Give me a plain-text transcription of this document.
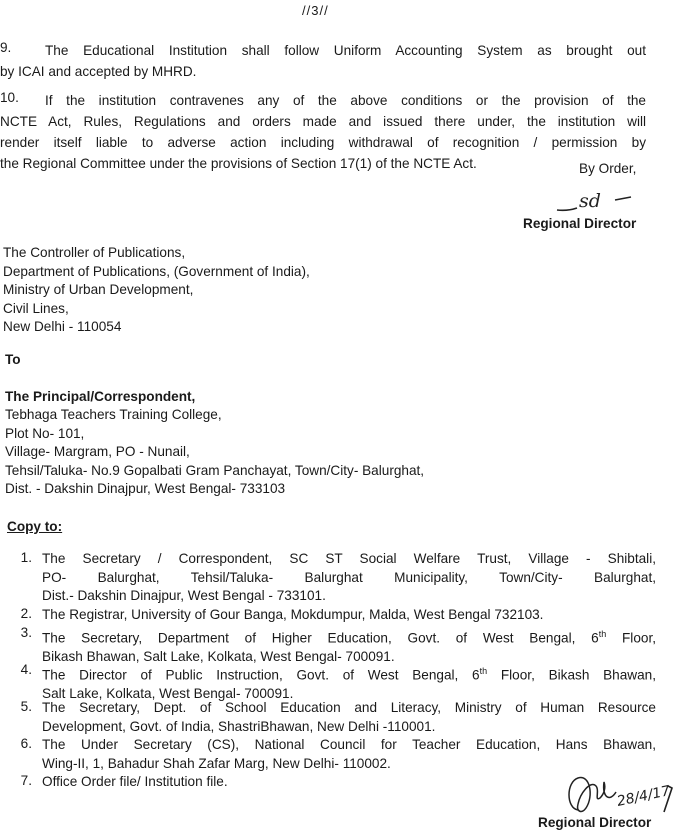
//3//
9.	The Educational Institution shall follow Uniform Accounting System as brought out
by ICAI and accepted by MHRD.
10.	If the institution contravenes any of the above conditions or the provision of the
NCTE Act, Rules, Regulations and orders made and issued there under, the institution will
render itself liable to adverse action including withdrawal of recognition / permission by
the Regional Committee under the provisions of Section 17(1) of the NCTE Act.	By Order,
sd
Regional Director
The Controller of Publications,
Department of Publications, (Government of India),
Ministry of Urban Development,
Civil Lines,
New Delhi - 110054
To
The Principal/Correspondent,
Tebhaga Teachers Training College,
Plot No- 101,
Village- Margram, PO - Nunail,
Tehsil/Taluka- No.9 Gopalbati Gram Panchayat, Town/City- Balurghat,
Dist. - Dakshin Dinajpur, West Bengal- 733103
Copy to:
1. The Secretary / Correspondent, SC ST Social Welfare Trust, Village - Shibtali,
PO- Balurghat, Tehsil/Taluka- Balurghat Municipality, Town/City- Balurghat,
Dist.- Dakshin Dinajpur, West Bengal - 733101.
2. The Registrar, University of Gour Banga, Mokdumpur, Malda, West Bengal 732103.
3. The Secretary, Department of Higher Education, Govt. of West Bengal, 6th Floor,
Bikash Bhawan, Salt Lake, Kolkata, West Bengal- 700091.
4. The Director of Public Instruction, Govt. of West Bengal, 6th Floor, Bikash Bhawan,
Salt Lake, Kolkata, West Bengal- 700091.
5. The Secretary, Dept. of School Education and Literacy, Ministry of Human Resource
Development, Govt. of India, ShastriBhawan, New Delhi -110001.
6. The Under Secretary (CS), National Council for Teacher Education, Hans Bhawan,
Wing-II, 1, Bahadur Shah Zafar Marg, New Delhi- 110002.
7. Office Order file/ Institution file.
28/4/17
Regional Director
